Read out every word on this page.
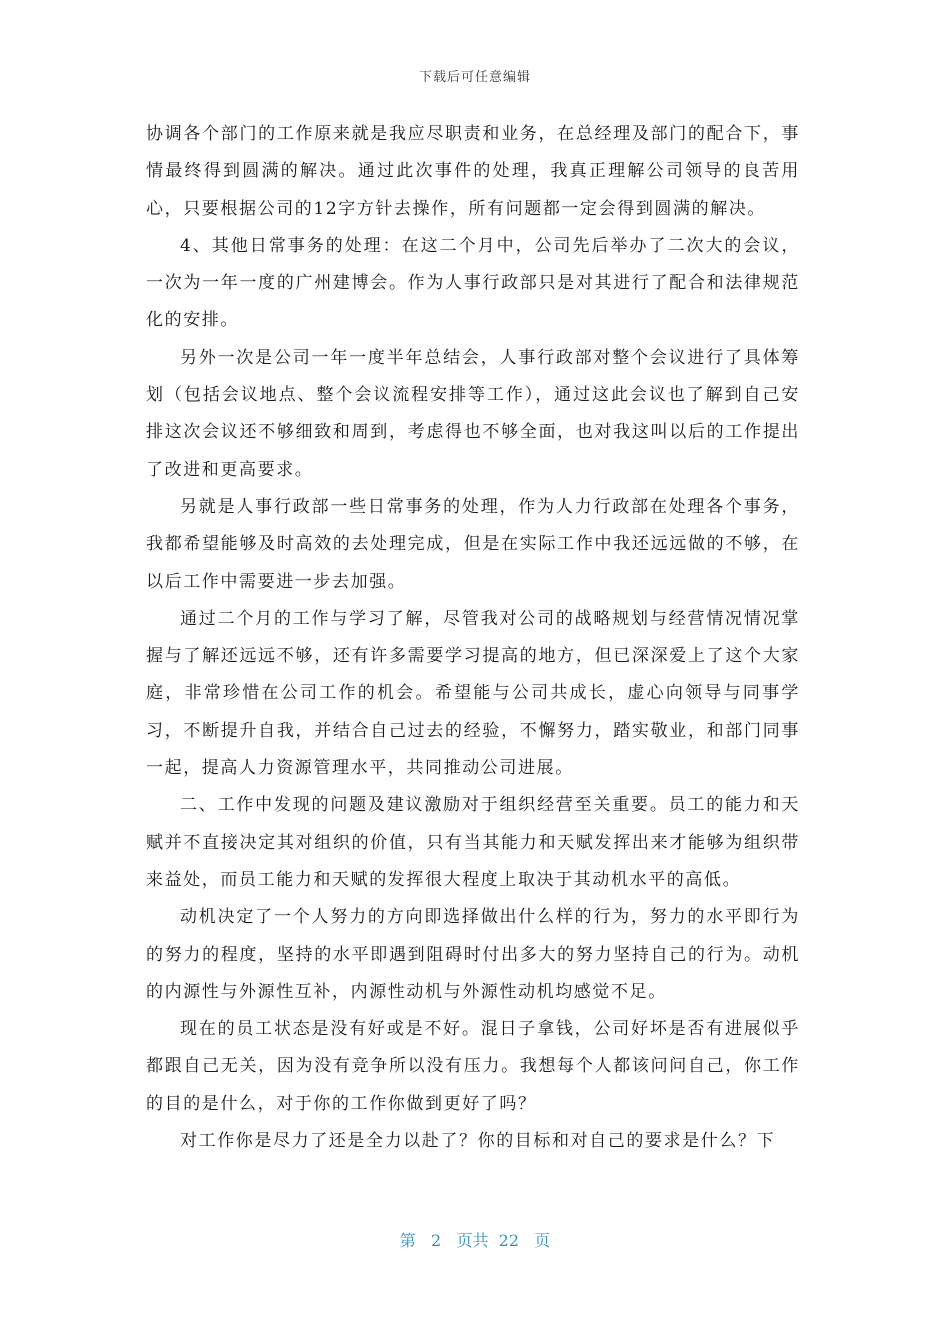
下载后可任意编辑

协调各个部门的工作原来就是我应尽职责和业务，在总经理及部门的配合下，事情最终得到圆满的解决。通过此次事件的处理，我真正理解公司领导的良苦用心，只要根据公司的12字方针去操作，所有问题都一定会得到圆满的解决。

4、其他日常事务的处理：在这二个月中，公司先后举办了二次大的会议，一次为一年一度的广州建博会。作为人事行政部只是对其进行了配合和法律规范化的安排。

另外一次是公司一年一度半年总结会，人事行政部对整个会议进行了具体筹划（包括会议地点、整个会议流程安排等工作），通过这此会议也了解到自己安排这次会议还不够细致和周到，考虑得也不够全面，也对我这叫以后的工作提出了改进和更高要求。

另就是人事行政部一些日常事务的处理，作为人力行政部在处理各个事务，我都希望能够及时高效的去处理完成，但是在实际工作中我还远远做的不够，在以后工作中需要进一步去加强。

通过二个月的工作与学习了解，尽管我对公司的战略规划与经营情况情况掌握与了解还远远不够，还有许多需要学习提高的地方，但已深深爱上了这个大家庭，非常珍惜在公司工作的机会。希望能与公司共成长，虚心向领导与同事学习，不断提升自我，并结合自己过去的经验，不懈努力，踏实敬业，和部门同事一起，提高人力资源管理水平，共同推动公司进展。

二、工作中发现的问题及建议激励对于组织经营至关重要。员工的能力和天赋并不直接决定其对组织的价值，只有当其能力和天赋发挥出来才能够为组织带来益处，而员工能力和天赋的发挥很大程度上取决于其动机水平的高低。

动机决定了一个人努力的方向即选择做出什么样的行为，努力的水平即行为的努力的程度，坚持的水平即遇到阻碍时付出多大的努力坚持自己的行为。动机的内源性与外源性互补，内源性动机与外源性动机均感觉不足。

现在的员工状态是没有好或是不好。混日子拿钱，公司好坏是否有进展似乎都跟自己无关，因为没有竞争所以没有压力。我想每个人都该问问自己，你工作的目的是什么，对于你的工作你做到更好了吗？

对工作你是尽力了还是全力以赴了？你的目标和对自己的要求是什么？下

第 2 页共 22 页
